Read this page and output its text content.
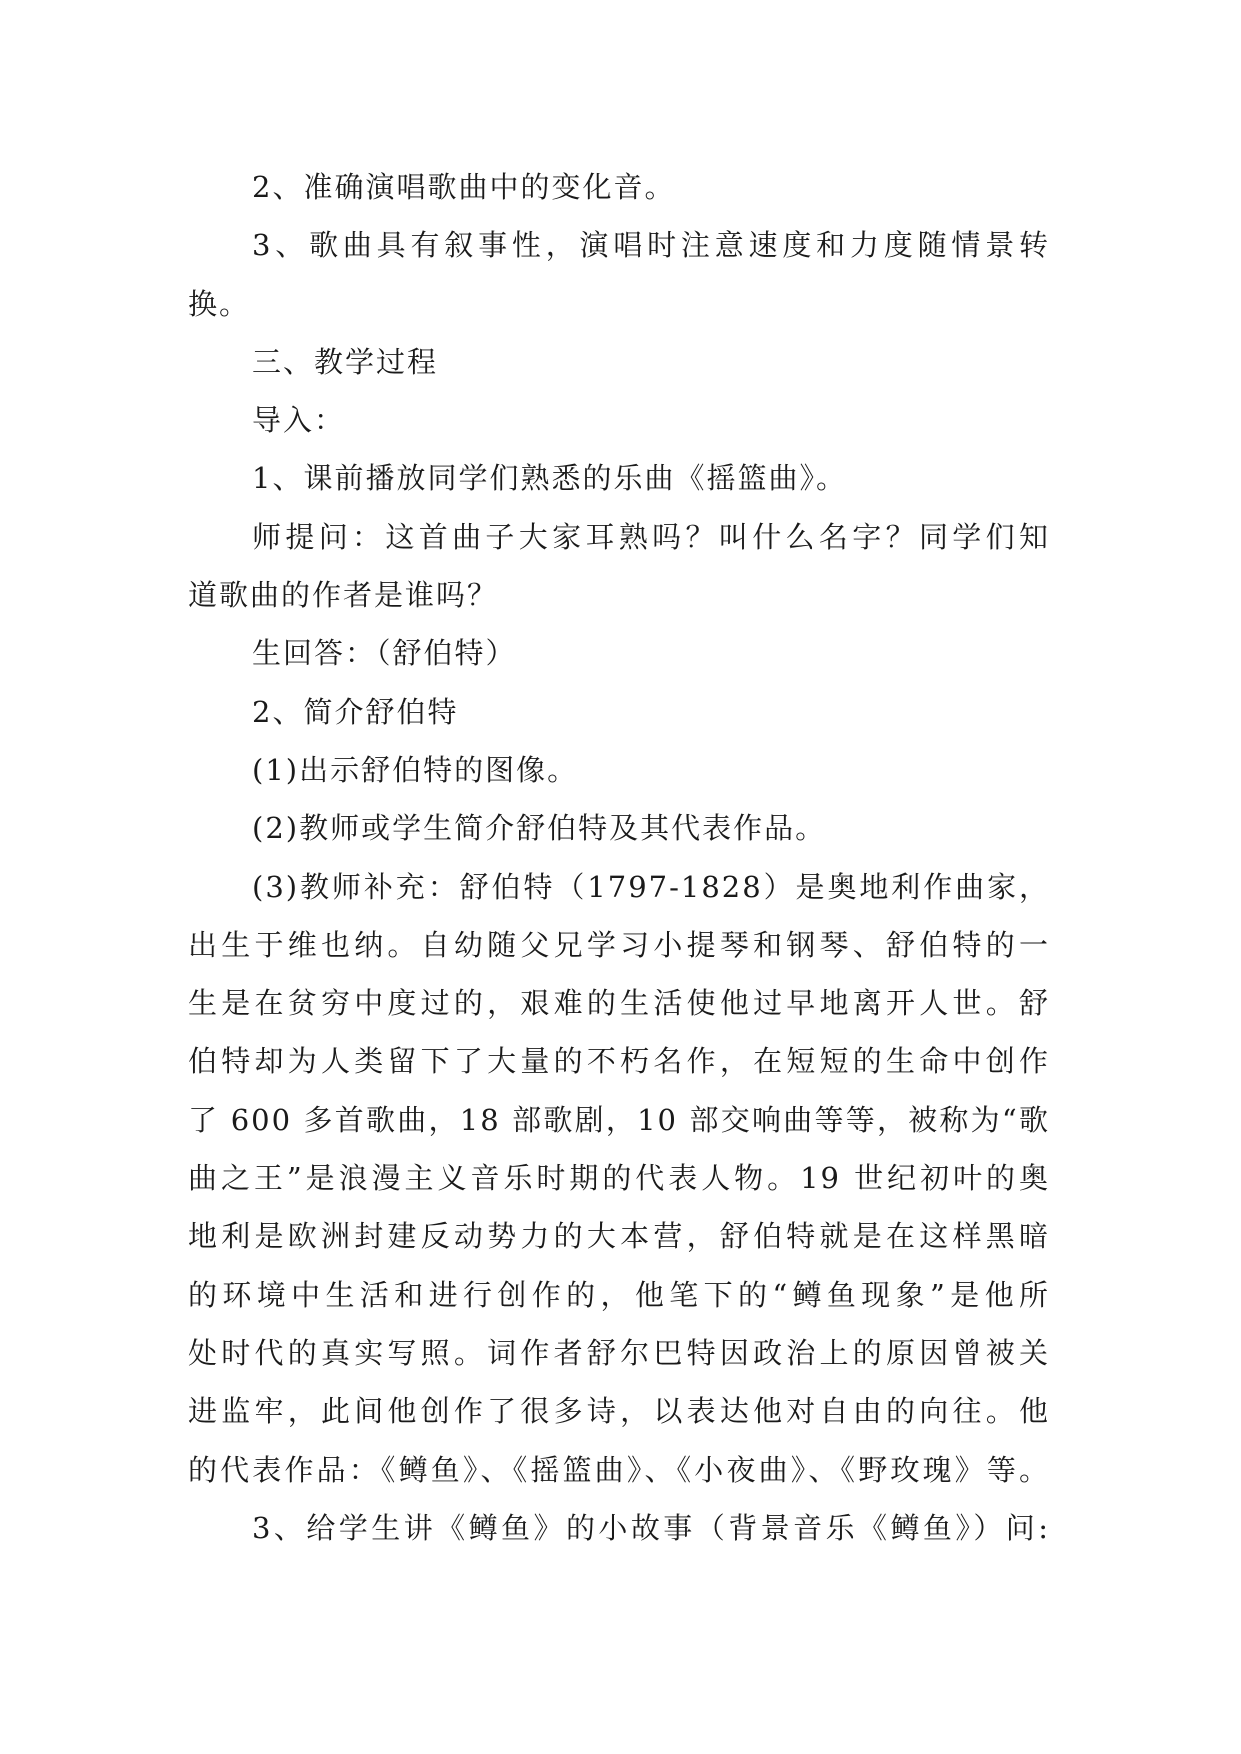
2、准确演唱歌曲中的变化音。
3、歌曲具有叙事性，演唱时注意速度和力度随情景转
换。
三、教学过程
导入：
1、课前播放同学们熟悉的乐曲《摇篮曲》。
师提问：这首曲子大家耳熟吗？叫什么名字？同学们知
道歌曲的作者是谁吗？
生回答：（舒伯特）
2、简介舒伯特
(1)出示舒伯特的图像。
(2)教师或学生简介舒伯特及其代表作品。
(3)教师补充：舒伯特（1797-1828）是奥地利作曲家，
出生于维也纳。自幼随父兄学习小提琴和钢琴、舒伯特的一
生是在贫穷中度过的，艰难的生活使他过早地离开人世。舒
伯特却为人类留下了大量的不朽名作，在短短的生命中创作
了 600 多首歌曲，18 部歌剧，10 部交响曲等等，被称为“歌
曲之王”是浪漫主义音乐时期的代表人物。19 世纪初叶的奥
地利是欧洲封建反动势力的大本营，舒伯特就是在这样黑暗
的环境中生活和进行创作的，他笔下的“鳟鱼现象”是他所
处时代的真实写照。词作者舒尔巴特因政治上的原因曾被关
进监牢，此间他创作了很多诗，以表达他对自由的向往。他
的代表作品：《鳟鱼》、《摇篮曲》、《小夜曲》、《野玫瑰》等。
3、给学生讲《鳟鱼》的小故事（背景音乐《鳟鱼》）问:
